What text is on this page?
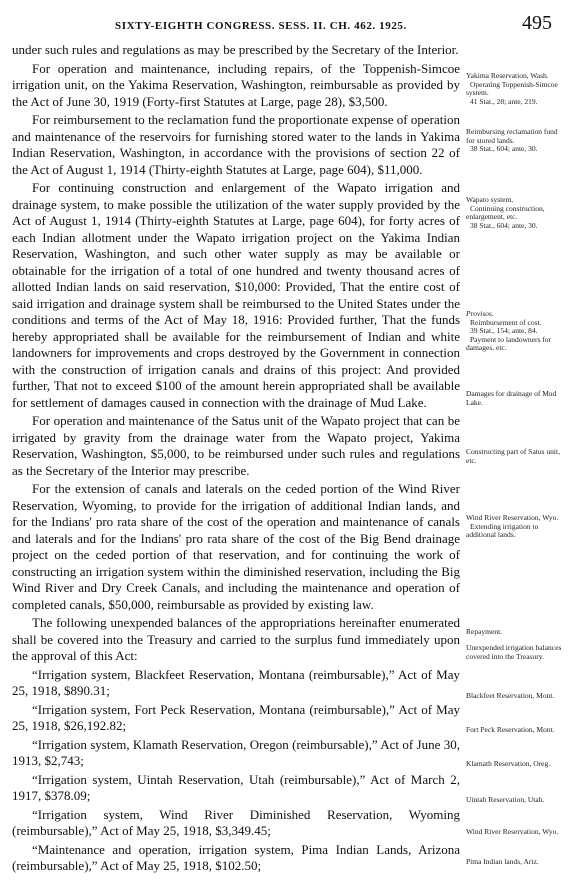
SIXTY-EIGHTH CONGRESS. SESS. II. CH. 462. 1925.	495

under such rules and regulations as may be prescribed by the Secretary of the Interior.

For operation and maintenance, including repairs, of the Toppenish-Simcoe irrigation unit, on the Yakima Reservation, Washington, reimbursable as provided by the Act of June 30, 1919 (Forty-first Statutes at Large, page 28), $3,500.

For reimbursement to the reclamation fund the proportionate expense of operation and maintenance of the reservoirs for furnishing stored water to the lands in Yakima Indian Reservation, Washington, in accordance with the provisions of section 22 of the Act of August 1, 1914 (Thirty-eighth Statutes at Large, page 604), $11,000.

For continuing construction and enlargement of the Wapato irrigation and drainage system, to make possible the utilization of the water supply provided by the Act of August 1, 1914 (Thirty-eighth Statutes at Large, page 604), for forty acres of each Indian allotment under the Wapato irrigation project on the Yakima Indian Reservation, Washington, and such other water supply as may be available or obtainable for the irrigation of a total of one hundred and twenty thousand acres of allotted Indian lands on said reservation, $10,000: Provided, That the entire cost of said irrigation and drainage system shall be reimbursed to the United States under the conditions and terms of the Act of May 18, 1916: Provided further, That the funds hereby appropriated shall be available for the reimbursement of Indian and white landowners for improvements and crops destroyed by the Government in connection with the construction of irrigation canals and drains of this project: And provided further, That not to exceed $100 of the amount herein appropriated shall be available for settlement of damages caused in connection with the drainage of Mud Lake.

For operation and maintenance of the Satus unit of the Wapato project that can be irrigated by gravity from the drainage water from the Wapato project, Yakima Reservation, Washington, $5,000, to be reimbursed under such rules and regulations as the Secretary of the Interior may prescribe.

For the extension of canals and laterals on the ceded portion of the Wind River Reservation, Wyoming, to provide for the irrigation of additional Indian lands, and for the Indians' pro rata share of the cost of the operation and maintenance of canals and laterals and for the Indians' pro rata share of the cost of the Big Bend drainage project on the ceded portion of that reservation, and for continuing the work of constructing an irrigation system within the diminished reservation, including the Big Wind River and Dry Creek Canals, and including the maintenance and operation of completed canals, $50,000, reimbursable as provided by existing law.

The following unexpended balances of the appropriations hereinafter enumerated shall be covered into the Treasury and carried to the surplus fund immediately upon the approval of this Act:

“Irrigation system, Blackfeet Reservation, Montana (reimbursable),” Act of May 25, 1918, $890.31;

“Irrigation system, Fort Peck Reservation, Montana (reimbursable),” Act of May 25, 1918, $26,192.82;

“Irrigation system, Klamath Reservation, Oregon (reimbursable),” Act of June 30, 1913, $2,743;

“Irrigation system, Uintah Reservation, Utah (reimbursable),” Act of March 2, 1917, $378.09;

“Irrigation system, Wind River Diminished Reservation, Wyoming (reimbursable),” Act of May 25, 1918, $3,349.45;

“Maintenance and operation, irrigation system, Pima Indian Lands, Arizona (reimbursable),” Act of May 25, 1918, $102.50;

Yakima Reservation, Wash.
Operating Toppenish-Simcoe system.
41 Stat., 28; ante, 219.
Reimbursing reclamation fund for stored lands.
38 Stat., 604; ante, 30.
Wapato system.
Continuing construction, enlargement, etc.
38 Stat., 604; ante, 30.
Provisos.
Reimbursement of cost.
39 Stat., 154; ante, 84.
Payment to landowners for damages, etc.
Damages for drainage of Mud Lake.
Constructing part of Satus unit, etc.
Wind River Reservation, Wyo.
Extending irrigation to additional lands.
Repayment.
Unexpended irrigation balances covered into the Treasury.
Blackfeet Reservation, Mont.
Fort Peck Reservation, Mont.
Klamath Reservation, Oreg.
Uintah Reservation, Utah.
Wind River Reservation, Wyo.
Pima Indian lands, Ariz.
